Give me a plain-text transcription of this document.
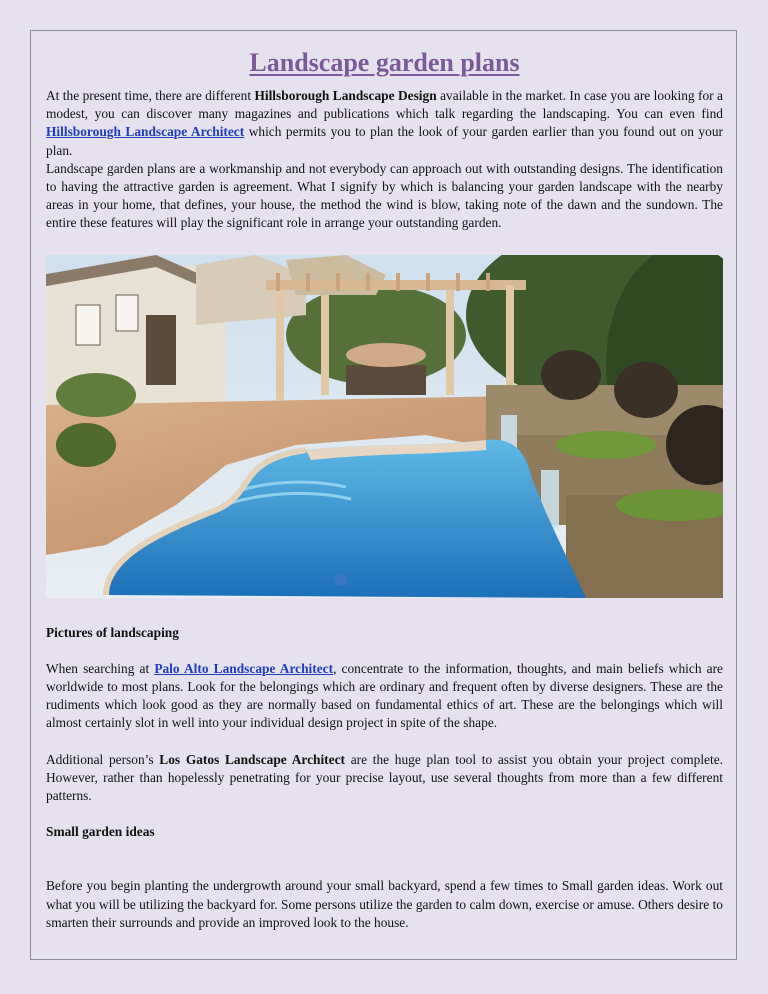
Landscape garden plans

At the present time, there are different Hillsborough Landscape Design available in the market. In case you are looking for a modest, you can discover many magazines and publications which talk regarding the landscaping. You can even find Hillsborough Landscape Architect which permits you to plan the look of your garden earlier than you found out on your plan.

Landscape garden plans are a workmanship and not everybody can approach out with outstanding designs. The identification to having the attractive garden is agreement. What I signify by which is balancing your garden landscape with the nearby areas in your home, that defines, your house, the method the wind is blow, taking note of the dawn and the sundown. The entire these features will play the significant role in arrange your outstanding garden.

Pictures of landscaping

When searching at Palo Alto Landscape Architect, concentrate to the information, thoughts, and main beliefs which are worldwide to most plans. Look for the belongings which are ordinary and frequent often by diverse designers. These are the rudiments which look good as they are normally based on fundamental ethics of art. These are the belongings which will almost certainly slot in well into your individual design project in spite of the shape.

Additional person’s Los Gatos Landscape Architect are the huge plan tool to assist you obtain your project complete. However, rather than hopelessly penetrating for your precise layout, use several thoughts from more than a few different patterns.

Small garden ideas

Before you begin planting the undergrowth around your small backyard, spend a few times to Small garden ideas. Work out what you will be utilizing the backyard for. Some persons utilize the garden to calm down, exercise or amuse. Others desire to smarten their surrounds and provide an improved look to the house.
